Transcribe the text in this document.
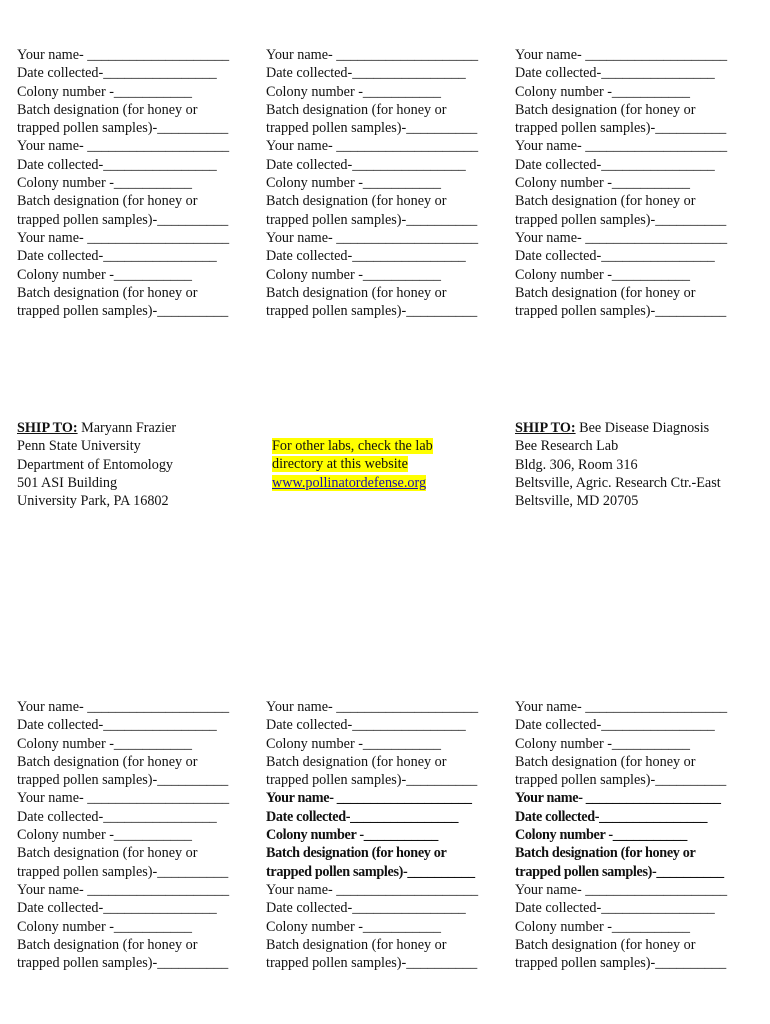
Your name- ____________________
Date collected-________________
Colony number -___________
Batch designation (for honey or
trapped pollen samples)-__________
Your name- ____________________
Date collected-________________
Colony number -___________
Batch designation (for honey or
trapped pollen samples)-__________
Your name- ____________________
Date collected-________________
Colony number -___________
Batch designation (for honey or
trapped pollen samples)-__________
Your name- ____________________
Date collected-________________
Colony number -___________
Batch designation (for honey or
trapped pollen samples)-__________
Your name- ____________________
Date collected-________________
Colony number -___________
Batch designation (for honey or
trapped pollen samples)-__________
Your name- ____________________
Date collected-________________
Colony number -___________
Batch designation (for honey or
trapped pollen samples)-__________
Your name- ____________________
Date collected-________________
Colony number -___________
Batch designation (for honey or
trapped pollen samples)-__________
Your name- ____________________
Date collected-________________
Colony number -___________
Batch designation (for honey or
trapped pollen samples)-__________
Your name- ____________________
Date collected-________________
Colony number -___________
Batch designation (for honey or
trapped pollen samples)-__________
SHIP TO: Maryann Frazier
Penn State University
Department of Entomology
501 ASI Building
University Park, PA 16802
For other labs, check the lab
directory at this website
www.pollinatordefense.org
SHIP TO: Bee Disease Diagnosis
Bee Research Lab
Bldg. 306, Room 316
Beltsville, Agric. Research Ctr.-East
Beltsville, MD 20705
Your name- ____________________
Date collected-________________
Colony number -___________
Batch designation (for honey or
trapped pollen samples)-__________
Your name- ____________________
Date collected-________________
Colony number -___________
Batch designation (for honey or
trapped pollen samples)-__________
Your name- ____________________
Date collected-________________
Colony number -___________
Batch designation (for honey or
trapped pollen samples)-__________
Your name- ____________________
Date collected-________________
Colony number -___________
Batch designation (for honey or
trapped pollen samples)-__________
Your name- ____________________
Date collected-________________
Colony number -___________
Batch designation (for honey or
trapped pollen samples)-__________
Your name- ____________________
Date collected-________________
Colony number -___________
Batch designation (for honey or
trapped pollen samples)-__________
Your name- ____________________
Date collected-________________
Colony number -___________
Batch designation (for honey or
trapped pollen samples)-__________
Your name- ____________________
Date collected-________________
Colony number -___________
Batch designation (for honey or
trapped pollen samples)-__________
Your name- ____________________
Date collected-________________
Colony number -___________
Batch designation (for honey or
trapped pollen samples)-__________
